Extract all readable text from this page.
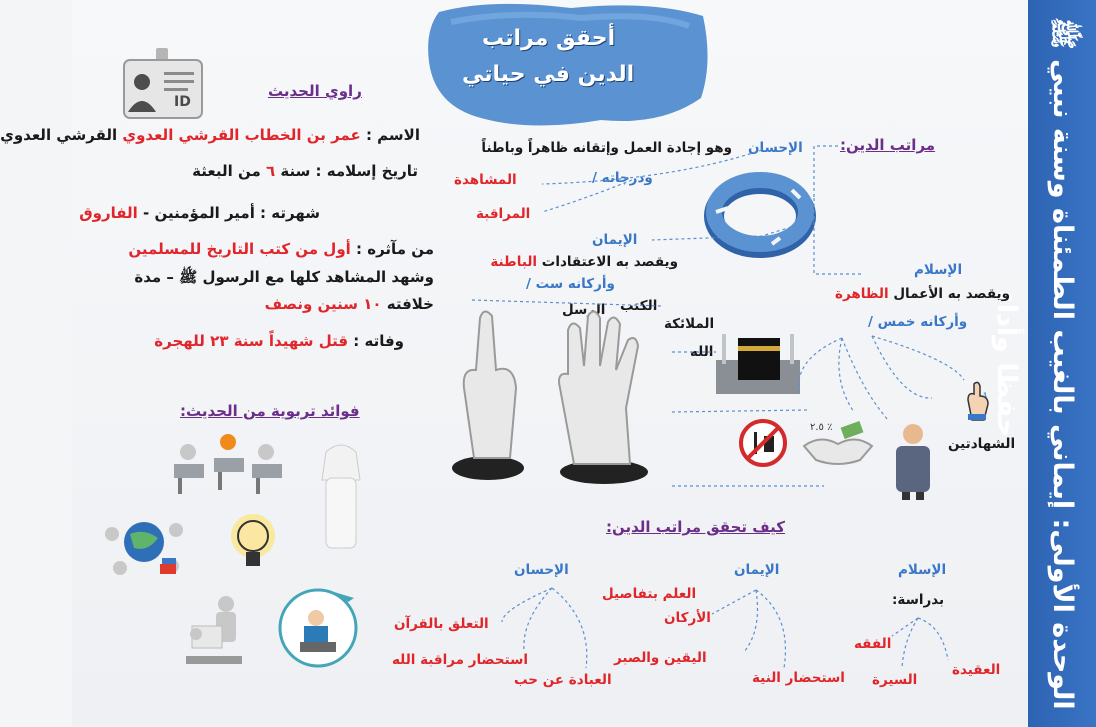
الوحدة الأولى: إيماني بالغيب الطمئناة وسنة نبيي ﷺ حفظا وأداء
أحقق مراتب
الدين في حياتي
ID
راوي الحديث
الاسم : عمر بن الخطاب القرشي العدوي القرشي العدوي
تاريخ إسلامه : سنة ٦ من البعثة
شهرته : أمير المؤمنين - الفاروق
من مآثره : أول من كتب التاريخ للمسلمين
وشهد المشاهد كلها مع الرسول ﷺ – مدة
خلافته ١٠ سنين ونصف
وفاته : قتل شهيداً سنة ٢٣ للهجرة
فوائد تربوية من الحديث:
مراتب الدين:
الإحسان
وهو إجادة العمل وإتقانه ظاهراً وباطناً
ودرجاته /
المشاهدة
المراقبة
الإيمان
ويقصد به الاعتقادات الباطنة
وأركانه ست /
الكتب
الرسل
الملائكة
الله
الإسلام
ويقصد به الأعمال الظاهرة
وأركانه خمس /
٢.٥ ٪
1
الشهادتين
كيف تحقق مراتب الدين:
الإسلام
بدراسة:
الفقه
العقيدة
السيرة
الإيمان
العلم بتفاصيل
الأركان
اليقين والصبر
استحضار النية
الإحسان
التعلق بالقرآن
استحضار مراقبة الله
العبادة عن حب
